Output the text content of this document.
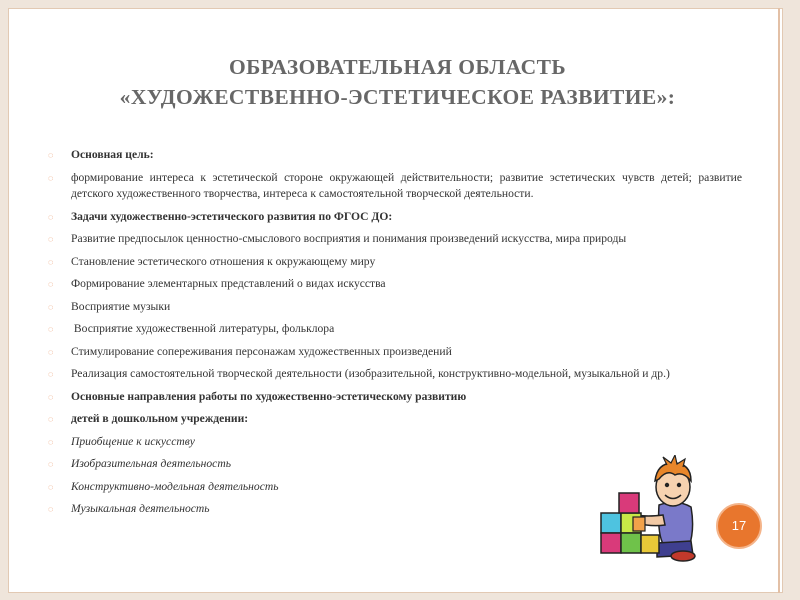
ОБРАЗОВАТЕЛЬНАЯ ОБЛАСТЬ
«ХУДОЖЕСТВЕННО-ЭСТЕТИЧЕСКОЕ РАЗВИТИЕ»:
◌ Основная цель:
◌ формирование интереса к эстетической стороне окружающей действительности; развитие эстетических чувств детей; развитие детского художественного творчества, интереса к самостоятельной творческой деятельности.
◌ Задачи художественно-эстетического развития по ФГОС ДО:
◌ Развитие предпосылок ценностно-смыслового восприятия и понимания произведений искусства, мира природы
◌ Становление эстетического отношения к окружающему миру
◌ Формирование элементарных представлений о видах искусства
◌ Восприятие музыки
◌ Восприятие художественной литературы, фольклора
◌ Стимулирование сопереживания персонажам художественных произведений
◌ Реализация самостоятельной творческой деятельности (изобразительной, конструктивно-модельной, музыкальной и др.)
◌ Основные направления работы по художественно-эстетическому развитию
◌ детей в дошкольном учреждении:
◌ Приобщение к искусству
◌ Изобразительная деятельность
◌ Конструктивно-модельная деятельность
◌ Музыкальная деятельность
17
